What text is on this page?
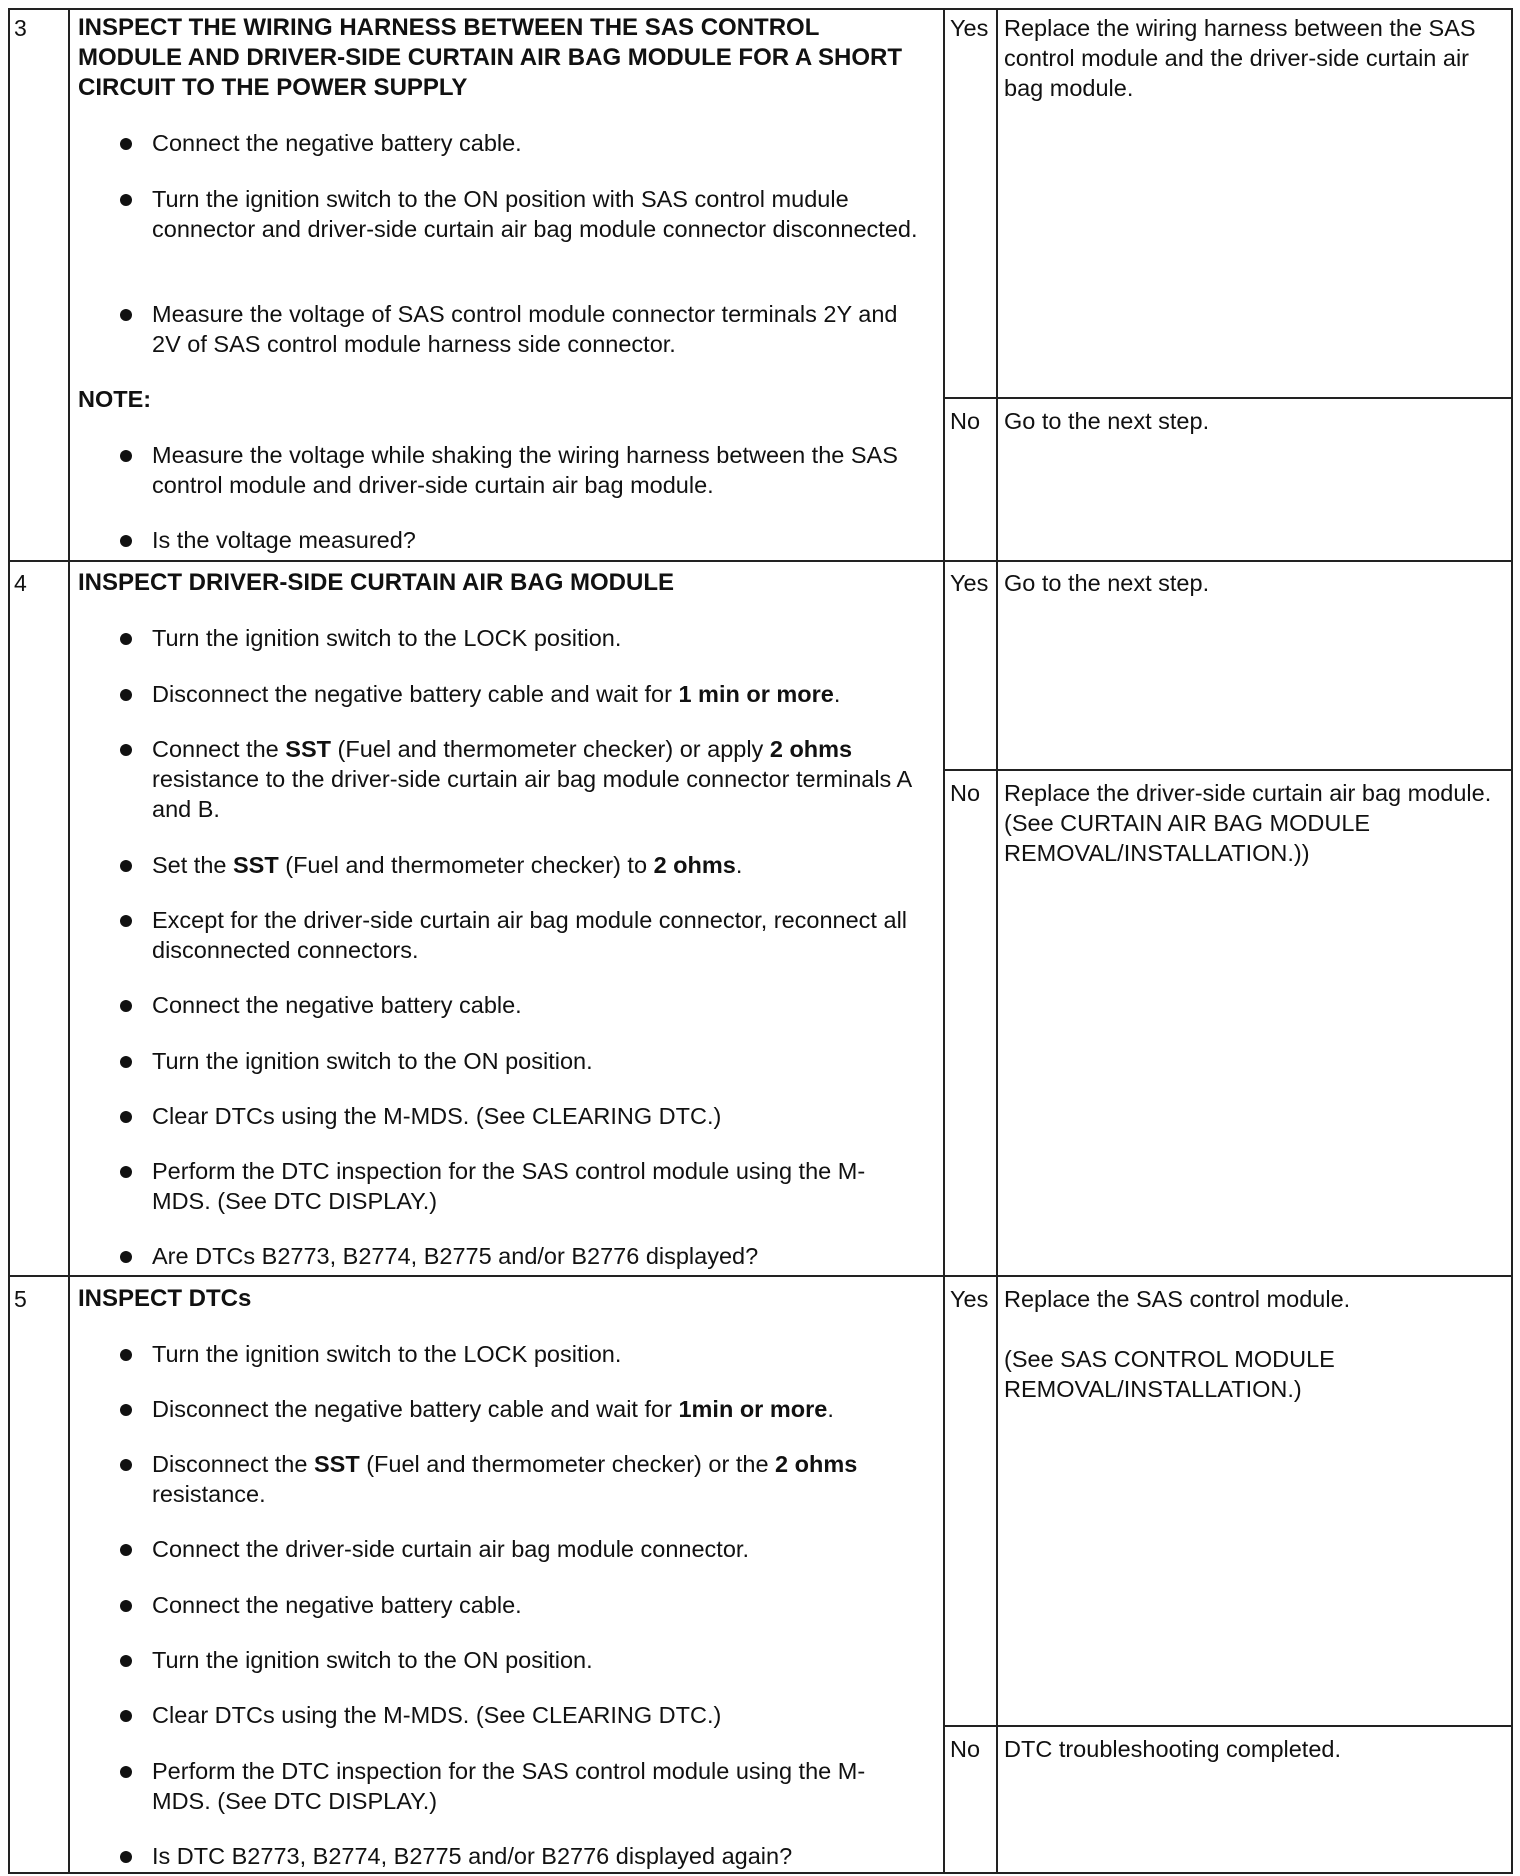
3 INSPECT THE WIRING HARNESS BETWEEN THE SAS CONTROL MODULE AND DRIVER-SIDE CURTAIN AIR BAG MODULE FOR A SHORT CIRCUIT TO THE POWER SUPPLY
Connect the negative battery cable.
Turn the ignition switch to the ON position with SAS control mudule connector and driver-side curtain air bag module connector disconnected.
Measure the voltage of SAS control module connector terminals 2Y and 2V of SAS control module harness side connector.
NOTE:
Measure the voltage while shaking the wiring harness between the SAS control module and driver-side curtain air bag module.
Is the voltage measured?
Yes Replace the wiring harness between the SAS control module and the driver-side curtain air bag module.
No Go to the next step.
4 INSPECT DRIVER-SIDE CURTAIN AIR BAG MODULE
Turn the ignition switch to the LOCK position.
Disconnect the negative battery cable and wait for 1 min or more.
Connect the SST (Fuel and thermometer checker) or apply 2 ohms resistance to the driver-side curtain air bag module connector terminals A and B.
Set the SST (Fuel and thermometer checker) to 2 ohms.
Except for the driver-side curtain air bag module connector, reconnect all disconnected connectors.
Connect the negative battery cable.
Turn the ignition switch to the ON position.
Clear DTCs using the M-MDS. (See CLEARING DTC.)
Perform the DTC inspection for the SAS control module using the M-MDS. (See DTC DISPLAY.)
Are DTCs B2773, B2774, B2775 and/or B2776 displayed?
Yes Go to the next step.
No Replace the driver-side curtain air bag module. (See CURTAIN AIR BAG MODULE REMOVAL/INSTALLATION.))
5 INSPECT DTCs
Turn the ignition switch to the LOCK position.
Disconnect the negative battery cable and wait for 1min or more.
Disconnect the SST (Fuel and thermometer checker) or the 2 ohms resistance.
Connect the driver-side curtain air bag module connector.
Connect the negative battery cable.
Turn the ignition switch to the ON position.
Clear DTCs using the M-MDS. (See CLEARING DTC.)
Perform the DTC inspection for the SAS control module using the M-MDS. (See DTC DISPLAY.)
Is DTC B2773, B2774, B2775 and/or B2776 displayed again?
Yes Replace the SAS control module.

(See SAS CONTROL MODULE REMOVAL/INSTALLATION.)
No DTC troubleshooting completed.
